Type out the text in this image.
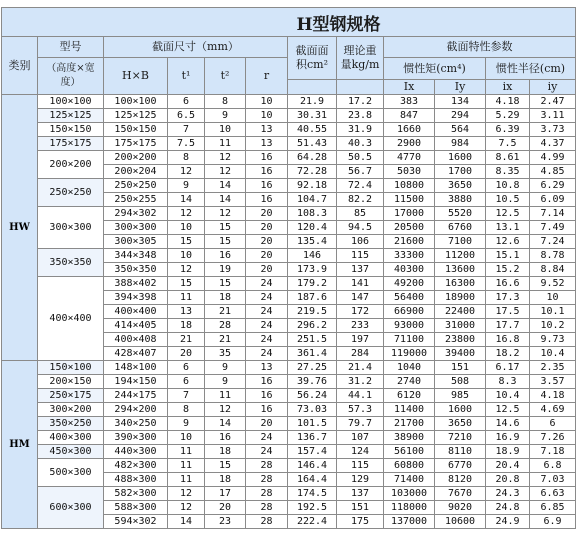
H型钢规格											
类别	型号	截面尺寸（mm）				截面面积cm²	理论重量kg/m	截面特性参数			
	（高度×宽度）	H×B	t¹	t²	r			惯性矩(cm⁴)		惯性半径(cm)	
								Ix	Iy	ix	iy
HW	100×100	100×100	6	8	10	21.9	17.2	383	134	4.18	2.47
	125×125	125×125	6.5	9	10	30.31	23.8	847	294	5.29	3.11
	150×150	150×150	7	10	13	40.55	31.9	1660	564	6.39	3.73
	175×175	175×175	7.5	11	13	51.43	40.3	2900	984	7.5	4.37
	200×200	200×200	8	12	16	64.28	50.5	4770	1600	8.61	4.99
		200×204	12	12	16	72.28	56.7	5030	1700	8.35	4.85
	250×250	250×250	9	14	16	92.18	72.4	10800	3650	10.8	6.29
		250×255	14	14	16	104.7	82.2	11500	3880	10.5	6.09
	300×300	294×302	12	12	20	108.3	85	17000	5520	12.5	7.14
		300×300	10	15	20	120.4	94.5	20500	6760	13.1	7.49
		300×305	15	15	20	135.4	106	21600	7100	12.6	7.24
	350×350	344×348	10	16	20	146	115	33300	11200	15.1	8.78
		350×350	12	19	20	173.9	137	40300	13600	15.2	8.84
	400×400	388×402	15	15	24	179.2	141	49200	16300	16.6	9.52
		394×398	11	18	24	187.6	147	56400	18900	17.3	10
		400×400	13	21	24	219.5	172	66900	22400	17.5	10.1
		414×405	18	28	24	296.2	233	93000	31000	17.7	10.2
		400×408	21	21	24	251.5	197	71100	23800	16.8	9.73
		428×407	20	35	24	361.4	284	119000	39400	18.2	10.4
HM	150×100	148×100	6	9	13	27.25	21.4	1040	151	6.17	2.35
	200×150	194×150	6	9	16	39.76	31.2	2740	508	8.3	3.57
	250×175	244×175	7	11	16	56.24	44.1	6120	985	10.4	4.18
	300×200	294×200	8	12	16	73.03	57.3	11400	1600	12.5	4.69
	350×250	340×250	9	14	20	101.5	79.7	21700	3650	14.6	6
	400×300	390×300	10	16	24	136.7	107	38900	7210	16.9	7.26
	450×300	440×300	11	18	24	157.4	124	56100	8110	18.9	7.18
	500×300	482×300	11	15	28	146.4	115	60800	6770	20.4	6.8
		488×300	11	18	28	164.4	129	71400	8120	20.8	7.03
	600×300	582×300	12	17	28	174.5	137	103000	7670	24.3	6.63
		588×300	12	20	28	192.5	151	118000	9020	24.8	6.85
		594×302	14	23	28	222.4	175	137000	10600	24.9	6.9
